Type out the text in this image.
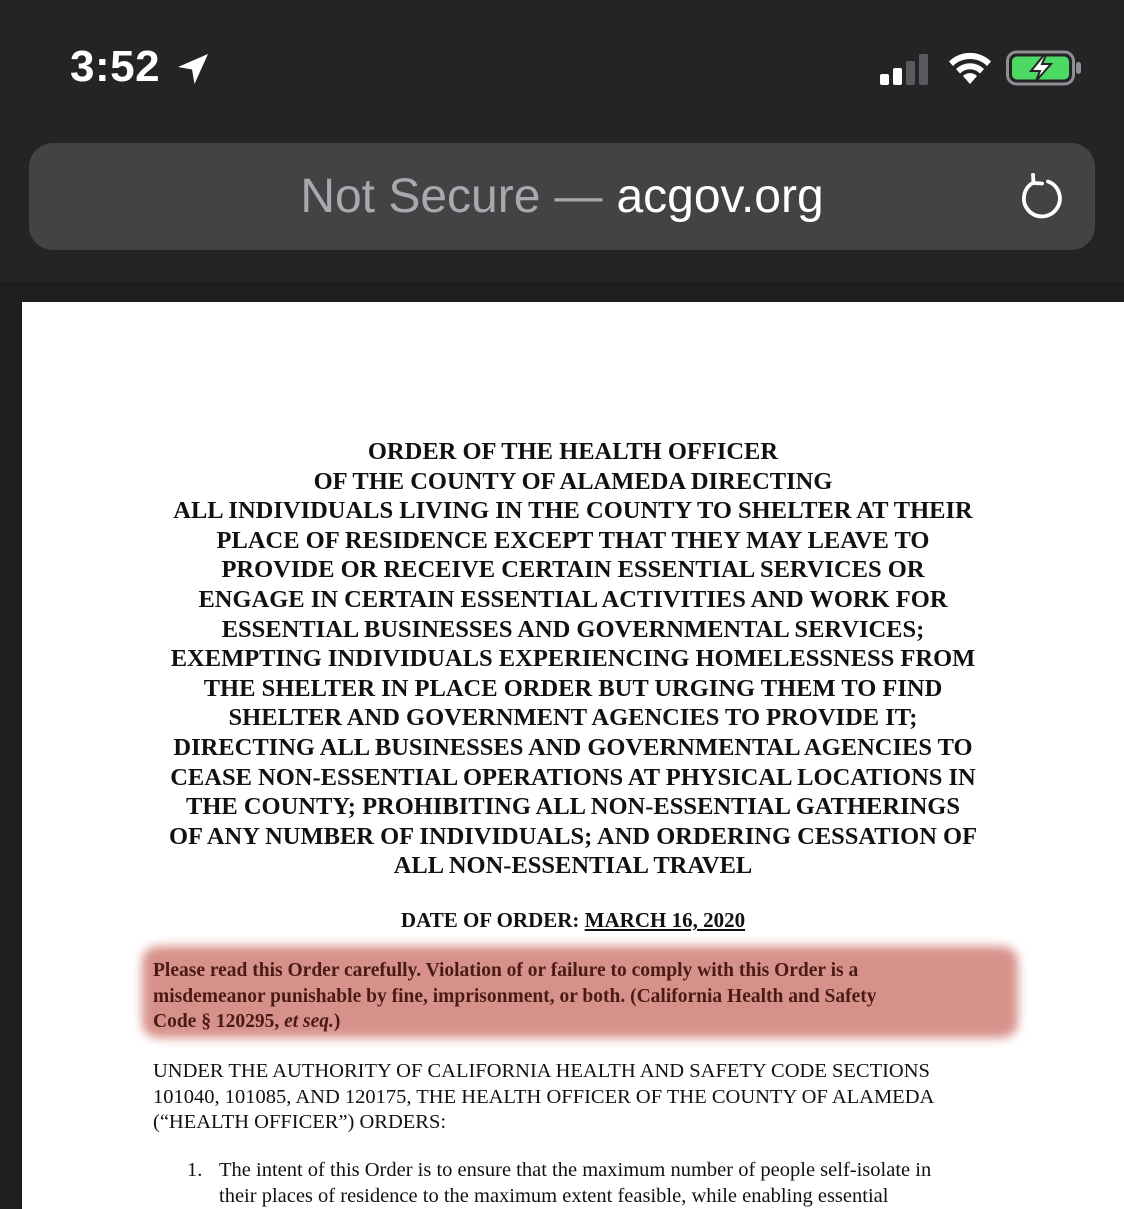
3:52
Not Secure — acgov.org
ORDER OF THE HEALTH OFFICER
OF THE COUNTY OF ALAMEDA DIRECTING
ALL INDIVIDUALS LIVING IN THE COUNTY TO SHELTER AT THEIR
PLACE OF RESIDENCE EXCEPT THAT THEY MAY LEAVE TO
PROVIDE OR RECEIVE CERTAIN ESSENTIAL SERVICES OR
ENGAGE IN CERTAIN ESSENTIAL ACTIVITIES AND WORK FOR
ESSENTIAL BUSINESSES AND GOVERNMENTAL SERVICES;
EXEMPTING INDIVIDUALS EXPERIENCING HOMELESSNESS FROM
THE SHELTER IN PLACE ORDER BUT URGING THEM TO FIND
SHELTER AND GOVERNMENT AGENCIES TO PROVIDE IT;
DIRECTING ALL BUSINESSES AND GOVERNMENTAL AGENCIES TO
CEASE NON-ESSENTIAL OPERATIONS AT PHYSICAL LOCATIONS IN
THE COUNTY; PROHIBITING ALL NON-ESSENTIAL GATHERINGS
OF ANY NUMBER OF INDIVIDUALS; AND ORDERING CESSATION OF
ALL NON-ESSENTIAL TRAVEL
DATE OF ORDER: MARCH 16, 2020
Please read this Order carefully. Violation of or failure to comply with this Order is a
misdemeanor punishable by fine, imprisonment, or both. (California Health and Safety
Code § 120295, et seq.)
UNDER THE AUTHORITY OF CALIFORNIA HEALTH AND SAFETY CODE SECTIONS
101040, 101085, AND 120175, THE HEALTH OFFICER OF THE COUNTY OF ALAMEDA
(“HEALTH OFFICER”) ORDERS:
1. The intent of this Order is to ensure that the maximum number of people self-isolate in
their places of residence to the maximum extent feasible, while enabling essential
